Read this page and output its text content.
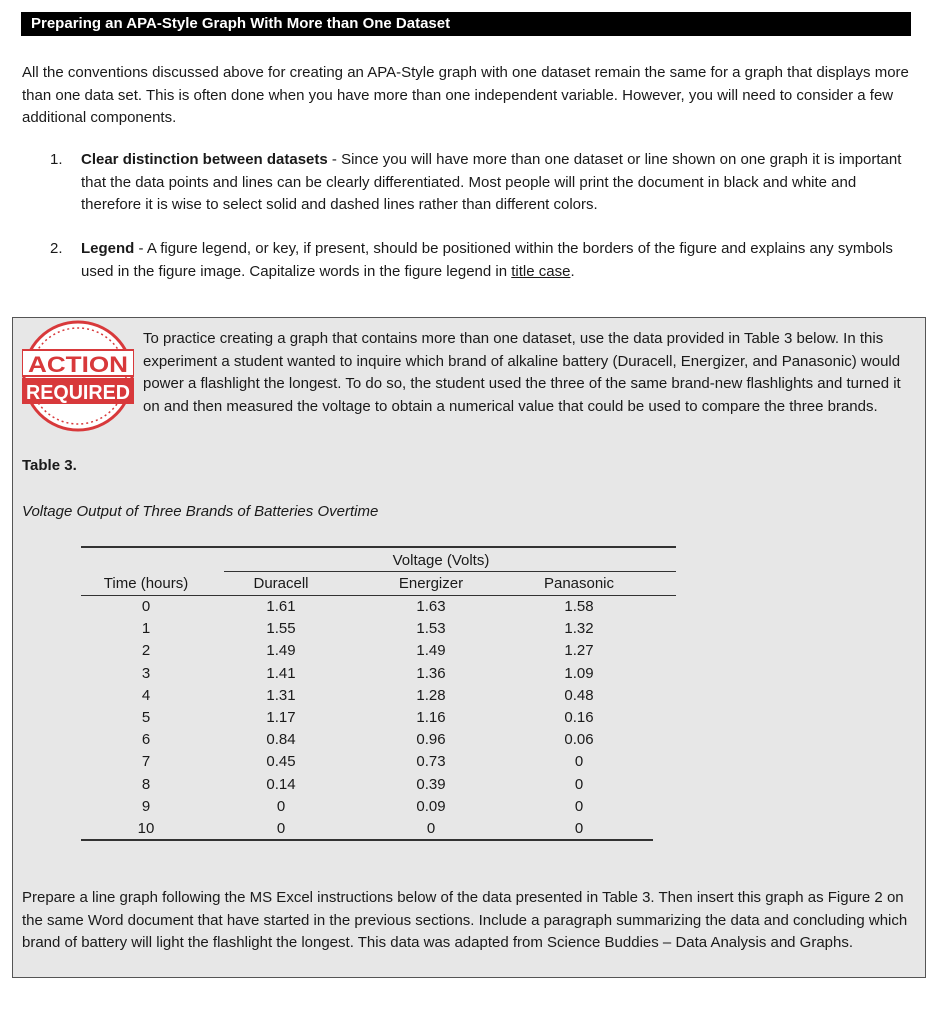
Preparing an APA-Style Graph With More than One Dataset
All the conventions discussed above for creating an APA-Style graph with one dataset remain the same for a graph that displays more than one data set. This is often done when you have more than one independent variable. However, you will need to consider a few additional components.
1. Clear distinction between datasets - Since you will have more than one dataset or line shown on one graph it is important that the data points and lines can be clearly differentiated. Most people will print the document in black and white and therefore it is wise to select solid and dashed lines rather than different colors.
2. Legend - A figure legend, or key, if present, should be positioned within the borders of the figure and explains any symbols used in the figure image. Capitalize words in the figure legend in title case.
ACTION
REQUIRED
To practice creating a graph that contains more than one dataset, use the data provided in Table 3 below. In this experiment a student wanted to inquire which brand of alkaline battery (Duracell, Energizer, and Panasonic) would power a flashlight the longest. To do so, the student used the three of the same brand-new flashlights and turned it on and then measured the voltage to obtain a numerical value that could be used to compare the three brands.
Table 3.
Voltage Output of Three Brands of Batteries Overtime
Voltage (Volts)
Time (hours)	Duracell	Energizer	Panasonic
0	1.61	1.63	1.58
1	1.55	1.53	1.32
2	1.49	1.49	1.27
3	1.41	1.36	1.09
4	1.31	1.28	0.48
5	1.17	1.16	0.16
6	0.84	0.96	0.06
7	0.45	0.73	0
8	0.14	0.39	0
9	0	0.09	0
10	0	0	0
Prepare a line graph following the MS Excel instructions below of the data presented in Table 3. Then insert this graph as Figure 2 on the same Word document that have started in the previous sections. Include a paragraph summarizing the data and concluding which brand of battery will light the flashlight the longest. This data was adapted from Science Buddies – Data Analysis and Graphs.
